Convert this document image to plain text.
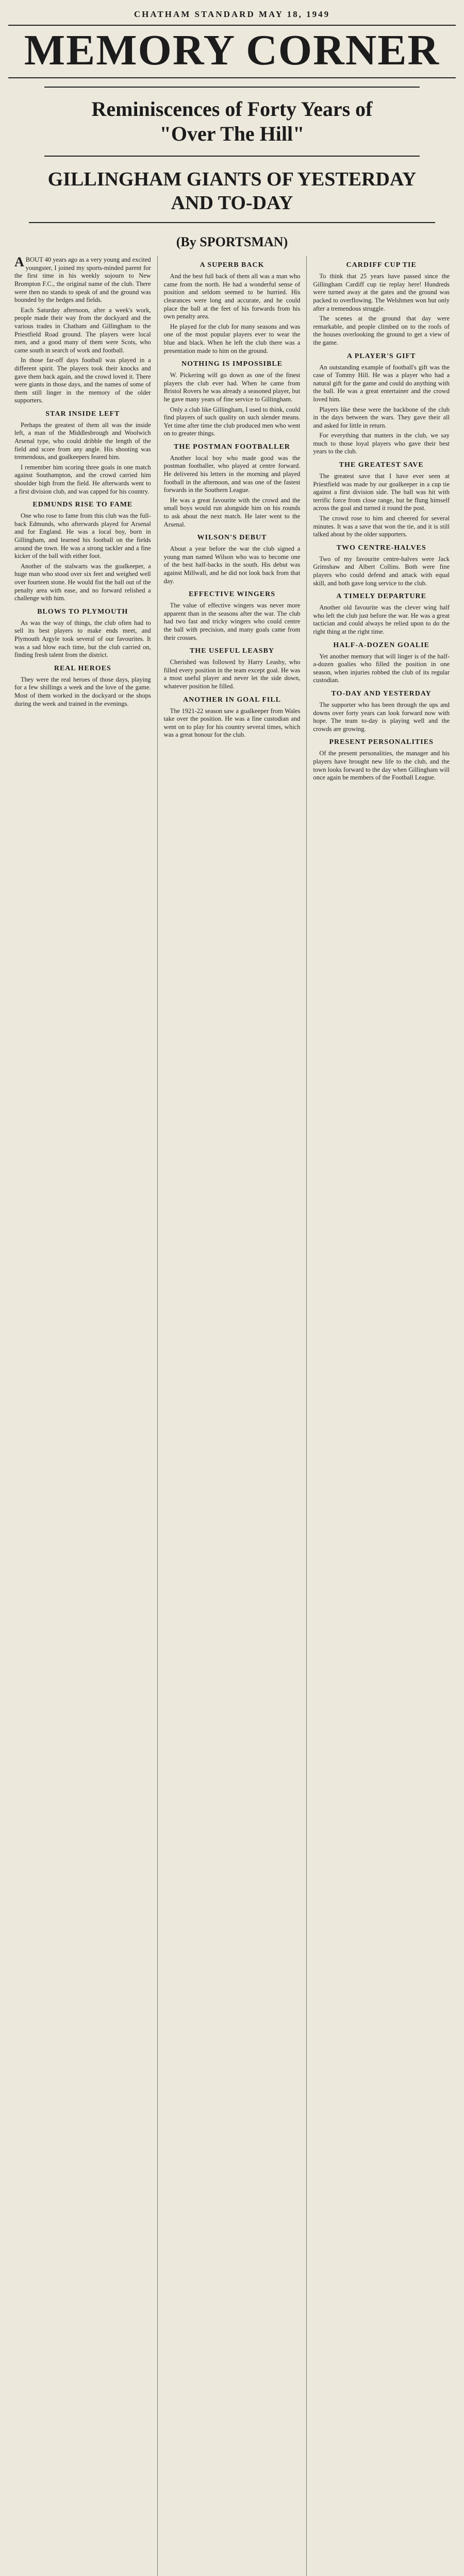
CHATHAM STANDARD MAY 18, 1949
MEMORY CORNER
Reminiscences of Forty Years of
"Over The Hill"
GILLINGHAM GIANTS OF YESTERDAY
AND TO-DAY
(By SPORTSMAN)

ABOUT 40 years ago as a very young and excited youngster, I joined my sports-minded parent for the first time in his weekly sojourn to New Brompton F.C., the original name of the club. There were then no stands to speak of and the ground was bounded by the hedges and fields.

Each Saturday afternoon, after a week's work, people made their way from the dockyard and the various trades in Chatham and Gillingham to the Priestfield Road ground. The players were local men, and a good many of them were Scots, who came south in search of work and football.

In those far-off days football was played in a different spirit. The players took their knocks and gave them back again, and the crowd loved it. There were giants in those days, and the names of some of them still linger in the memory of the older supporters.

STAR INSIDE LEFT

Perhaps the greatest of them all was the inside left, a man of the Middlesbrough and Woolwich Arsenal type, who could dribble the length of the field and score from any angle. His shooting was tremendous, and goalkeepers feared him.

I remember him scoring three goals in one match against Southampton, and the crowd carried him shoulder high from the field. He afterwards went to a first division club, and was capped for his country.

EDMUNDS RISE TO FAME

One who rose to fame from this club was the full-back Edmunds, who afterwards played for Arsenal and for England. He was a local boy, born in Gillingham, and learned his football on the fields around the town. He was a strong tackler and a fine kicker of the ball with either foot.

Another of the stalwarts was the goalkeeper, a huge man who stood over six feet and weighed well over fourteen stone. He would fist the ball out of the penalty area with ease, and no forward relished a challenge with him.

BLOWS TO PLYMOUTH

As was the way of things, the club often had to sell its best players to make ends meet, and Plymouth Argyle took several of our favourites. It was a sad blow each time, but the club carried on, finding fresh talent from the district.

REAL HEROES

They were the real heroes of those days, playing for a few shillings a week and the love of the game. Most of them worked in the dockyard or the shops during the week and trained in the evenings.

A SUPERB BACK

And the best full back of them all was a man who came from the north. He had a wonderful sense of position and seldom seemed to be hurried. His clearances were long and accurate, and he could place the ball at the feet of his forwards from his own penalty area.

He played for the club for many seasons and was one of the most popular players ever to wear the blue and black. When he left the club there was a presentation made to him on the ground.

NOTHING IS IMPOSSIBLE

W. Pickering will go down as one of the finest players the club ever had. When he came from Bristol Rovers he was already a seasoned player, but he gave many years of fine service to Gillingham.

Only a club like Gillingham, I used to think, could find players of such quality on such slender means. Yet time after time the club produced men who went on to greater things.

THE POSTMAN FOOTBALLER

Another local boy who made good was the postman footballer, who played at centre forward. He delivered his letters in the morning and played football in the afternoon, and was one of the fastest forwards in the Southern League.

He was a great favourite with the crowd and the small boys would run alongside him on his rounds to ask about the next match. He later went to the Arsenal.

WILSON'S DEBUT

About a year before the war the club signed a young man named Wilson who was to become one of the best half-backs in the south. His debut was against Millwall, and he did not look back from that day.

EFFECTIVE WINGERS

The value of effective wingers was never more apparent than in the seasons after the war. The club had two fast and tricky wingers who could centre the ball with precision, and many goals came from their crosses.

THE USEFUL LEASBY

Cherished was followed by Harry Leasby, who filled every position in the team except goal. He was a most useful player and never let the side down, whatever position he filled.

ANOTHER IN GOAL FILL

The 1921-22 season saw a goalkeeper from Wales take over the position. He was a fine custodian and went on to play for his country several times, which was a great honour for the club.

CARDIFF CUP TIE

To think that 25 years have passed since the Gillingham Cardiff cup tie replay here! Hundreds were turned away at the gates and the ground was packed to overflowing. The Welshmen won but only after a tremendous struggle.

The scenes at the ground that day were remarkable, and people climbed on to the roofs of the houses overlooking the ground to get a view of the game.

A PLAYER'S GIFT

An outstanding example of football's gift was the case of Tommy Hill. He was a player who had a natural gift for the game and could do anything with the ball. He was a great entertainer and the crowd loved him.

Players like these were the backbone of the club in the days between the wars. They gave their all and asked for little in return.

For everything that matters in the club, we say much to those loyal players who gave their best years to the club.

THE GREATEST SAVE

The greatest save that I have ever seen at Priestfield was made by our goalkeeper in a cup tie against a first division side. The ball was hit with terrific force from close range, but he flung himself across the goal and turned it round the post.

The crowd rose to him and cheered for several minutes. It was a save that won the tie, and it is still talked about by the older supporters.

TWO CENTRE-HALVES

Two of my favourite centre-halves were Jack Grimshaw and Albert Collins. Both were fine players who could defend and attack with equal skill, and both gave long service to the club.

A TIMELY DEPARTURE

Another old favourite was the clever wing half who left the club just before the war. He was a great tactician and could always be relied upon to do the right thing at the right time.

HALF-A-DOZEN GOALIE

Yet another memory that will linger is of the half-a-dozen goalies who filled the position in one season, when injuries robbed the club of its regular custodian.

TO-DAY AND YESTERDAY

The supporter who has been through the ups and downs over forty years can look forward now with hope. The team to-day is playing well and the crowds are growing.

PRESENT PERSONALITIES

Of the present personalities, the manager and his players have brought new life to the club, and the town looks forward to the day when Gillingham will once again be members of the Football League.
